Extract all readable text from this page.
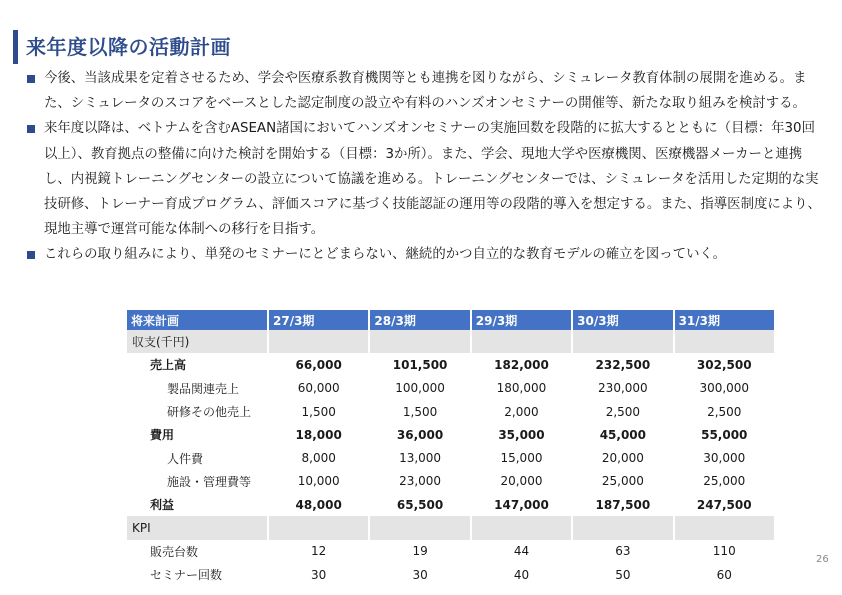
来年度以降の活動計画

今後、当該成果を定着させるため、学会や医療系教育機関等とも連携を図りながら、シミュレータ教育体制の展開を進める。また、シミュレータのスコアをベースとした認定制度の設立や有料のハンズオンセミナーの開催等、新たな取り組みを検討する。

来年度以降は、ベトナムを含むASEAN諸国においてハンズオンセミナーの実施回数を段階的に拡大するとともに（目標：年30回以上）、教育拠点の整備に向けた検討を開始する（目標：3か所）。また、学会、現地大学や医療機関、医療機器メーカーと連携し、内視鏡トレーニングセンターの設立について協議を進める。トレーニングセンターでは、シミュレータを活用した定期的な実技研修、トレーナー育成プログラム、評価スコアに基づく技能認証の運用等の段階的導入を想定する。また、指導医制度により、現地主導で運営可能な体制への移行を目指す。

これらの取り組みにより、単発のセミナーにとどまらない、継続的かつ自立的な教育モデルの確立を図っていく。

将来計画	27/3期	28/3期	29/3期	30/3期	31/3期
収支(千円)					
売上高	66,000	101,500	182,000	232,500	302,500
製品関連売上	60,000	100,000	180,000	230,000	300,000
研修その他売上	1,500	1,500	2,000	2,500	2,500
費用	18,000	36,000	35,000	45,000	55,000
人件費	8,000	13,000	15,000	20,000	30,000
施設・管理費等	10,000	23,000	20,000	25,000	25,000
利益	48,000	65,500	147,000	187,500	247,500
KPI					
販売台数	12	19	44	63	110
セミナー回数	30	30	40	50	60
26
